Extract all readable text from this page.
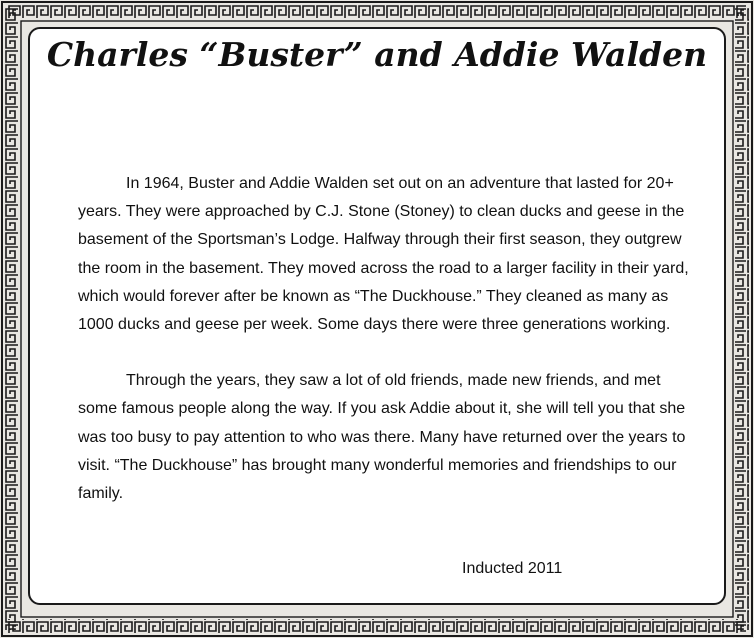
Charles “Buster” and Addie Walden

In 1964, Buster and Addie Walden set out on an adventure that lasted for 20+ years. They were approached by C.J. Stone (Stoney) to clean ducks and geese in the basement of the Sportsman’s Lodge. Halfway through their first season, they outgrew the room in the basement. They moved across the road to a larger facility in their yard, which would forever after be known as “The Duckhouse.” They cleaned as many as 1000 ducks and geese per week. Some days there were three generations working.

Through the years, they saw a lot of old friends, made new friends, and met some famous people along the way. If you ask Addie about it, she will tell you that she was too busy to pay attention to who was there. Many have returned over the years to visit. “The Duckhouse” has brought many wonderful memories and friendships to our family.

Inducted 2011
